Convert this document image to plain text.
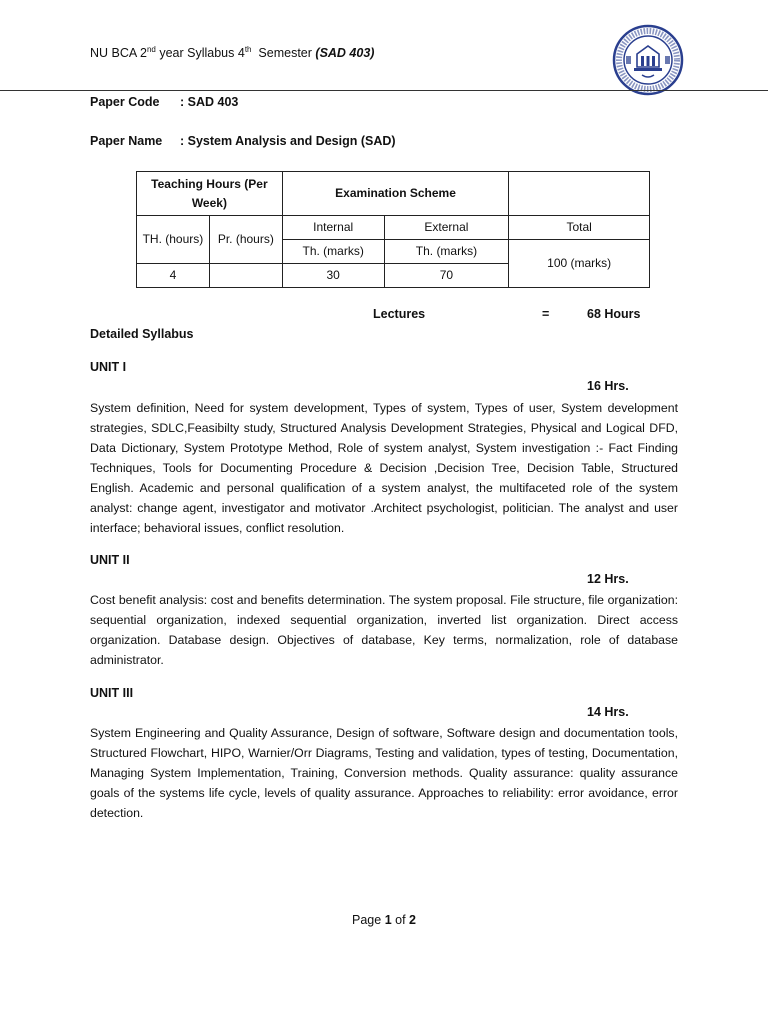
NU BCA 2nd year Syllabus 4th  Semester (SAD 403)
Paper Code : SAD 403
Paper Name : System Analysis and Design (SAD)
Teaching Hours (Per Week)		Examination Scheme		
TH. (hours)	Pr. (hours)	Internal	External	Total
		Th. (marks)	Th. (marks)	100 (marks)
4		30	70	
Lectures	=	68 Hours
Detailed Syllabus
UNIT I
16 Hrs.
System definition, Need for system development, Types of system, Types of user, System development strategies, SDLC,Feasibilty study, Structured Analysis Development Strategies, Physical and Logical DFD, Data Dictionary, System Prototype Method, Role of system analyst, System investigation :- Fact Finding Techniques, Tools for Documenting Procedure & Decision ,Decision Tree, Decision Table, Structured English. Academic and personal qualification of a system analyst, the multifaceted role of the system analyst: change agent, investigator and motivator .Architect psychologist, politician. The analyst and user interface; behavioral issues, conflict resolution.
UNIT II
12 Hrs.
Cost benefit analysis: cost and benefits determination. The system proposal. File structure, file organization: sequential organization, indexed sequential organization, inverted list organization. Direct access organization. Database design. Objectives of database, Key terms, normalization, role of database administrator.
UNIT III
14 Hrs.
System Engineering and Quality Assurance, Design of software, Software design and documentation tools, Structured Flowchart, HIPO, Warnier/Orr Diagrams, Testing and validation, types of testing, Documentation, Managing System Implementation, Training, Conversion methods. Quality assurance: quality assurance goals of the systems life cycle, levels of quality assurance. Approaches to reliability: error avoidance, error detection.
Page 1 of 2
